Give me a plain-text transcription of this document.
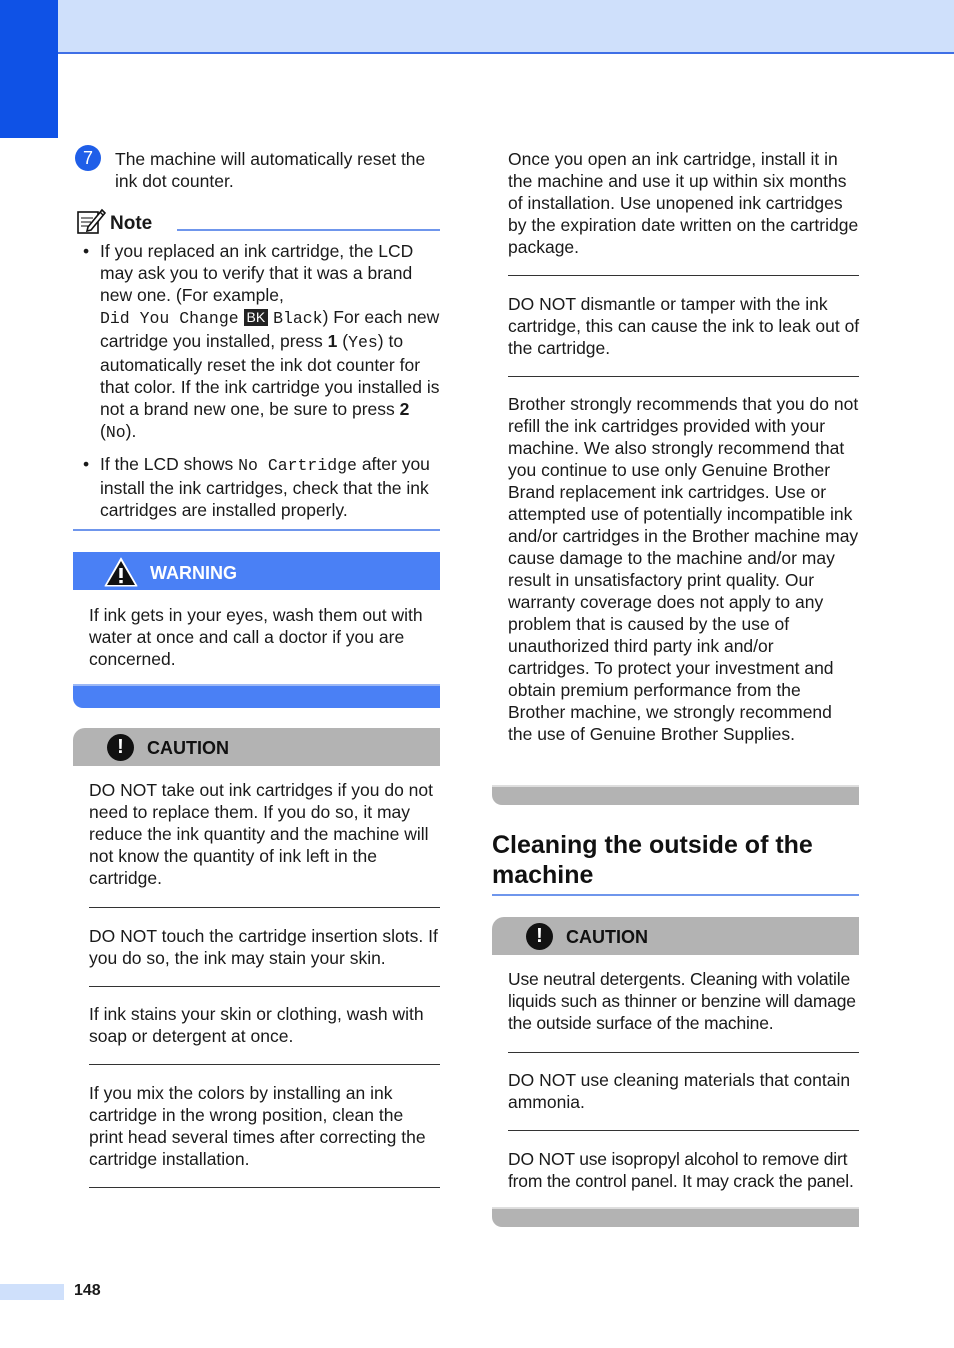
7	The machine will automatically reset the ink dot counter.

Note
• If you replaced an ink cartridge, the LCD may ask you to verify that it was a brand new one. (For example,
Did You Change BK Black) For each new cartridge you installed, press 1 (Yes) to automatically reset the ink dot counter for that color. If the ink cartridge you installed is not a brand new one, be sure to press 2 (No).
• If the LCD shows No Cartridge after you install the ink cartridges, check that the ink cartridges are installed properly.
WARNING

If ink gets in your eyes, wash them out with water at once and call a doctor if you are concerned.

!	CAUTION

DO NOT take out ink cartridges if you do not need to replace them. If you do so, it may reduce the ink quantity and the machine will not know the quantity of ink left in the cartridge.

DO NOT touch the cartridge insertion slots. If you do so, the ink may stain your skin.

If ink stains your skin or clothing, wash with soap or detergent at once.

If you mix the colors by installing an ink cartridge in the wrong position, clean the print head several times after correcting the cartridge installation.

Once you open an ink cartridge, install it in the machine and use it up within six months of installation. Use unopened ink cartridges by the expiration date written on the cartridge package.

DO NOT dismantle or tamper with the ink cartridge, this can cause the ink to leak out of the cartridge.

Brother strongly recommends that you do not refill the ink cartridges provided with your machine. We also strongly recommend that you continue to use only Genuine Brother Brand replacement ink cartridges. Use or attempted use of potentially incompatible ink and/or cartridges in the Brother machine may cause damage to the machine and/or may result in unsatisfactory print quality. Our warranty coverage does not apply to any problem that is caused by the use of unauthorized third party ink and/or cartridges. To protect your investment and obtain premium performance from the Brother machine, we strongly recommend the use of Genuine Brother Supplies.

Cleaning the outside of the machine
!	CAUTION

Use neutral detergents. Cleaning with volatile liquids such as thinner or benzine will damage the outside surface of the machine.

DO NOT use cleaning materials that contain ammonia.

DO NOT use isopropyl alcohol to remove dirt from the control panel. It may crack the panel.

148
